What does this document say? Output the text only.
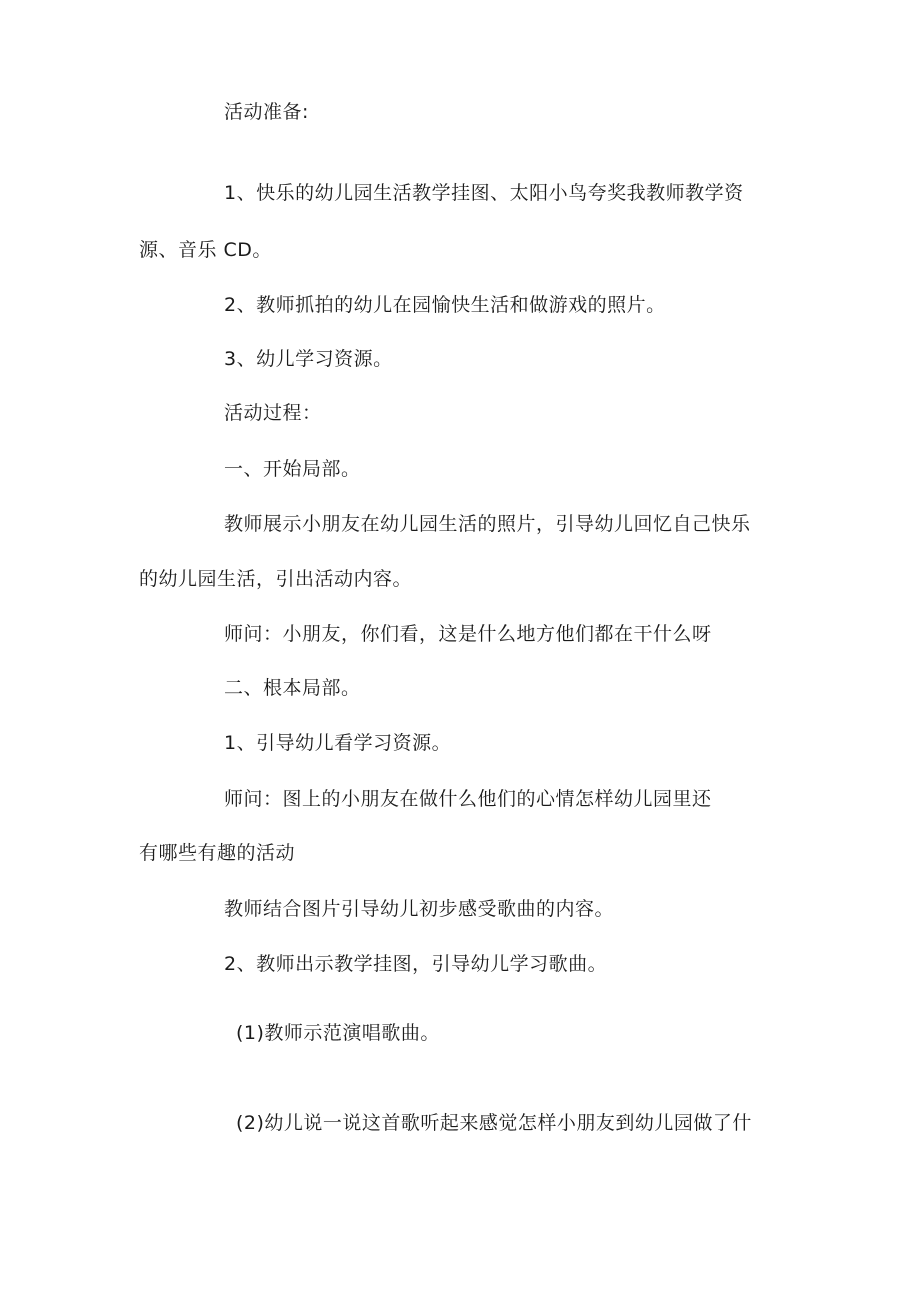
活动准备:
1、快乐的幼儿园生活教学挂图、太阳小鸟夸奖我教师教学资
源、音乐 CD。
2、教师抓拍的幼儿在园愉快生活和做游戏的照片。
3、幼儿学习资源。
活动过程：
一、开始局部。
教师展示小朋友在幼儿园生活的照片，引导幼儿回忆自己快乐
的幼儿园生活，引出活动内容。
师问：小朋友，你们看，这是什么地方他们都在干什么呀
二、根本局部。
1、引导幼儿看学习资源。
师问：图上的小朋友在做什么他们的心情怎样幼儿园里还
有哪些有趣的活动
教师结合图片引导幼儿初步感受歌曲的内容。
2、教师出示教学挂图，引导幼儿学习歌曲。
(1)教师示范演唱歌曲。
(2)幼儿说一说这首歌听起来感觉怎样小朋友到幼儿园做了什
